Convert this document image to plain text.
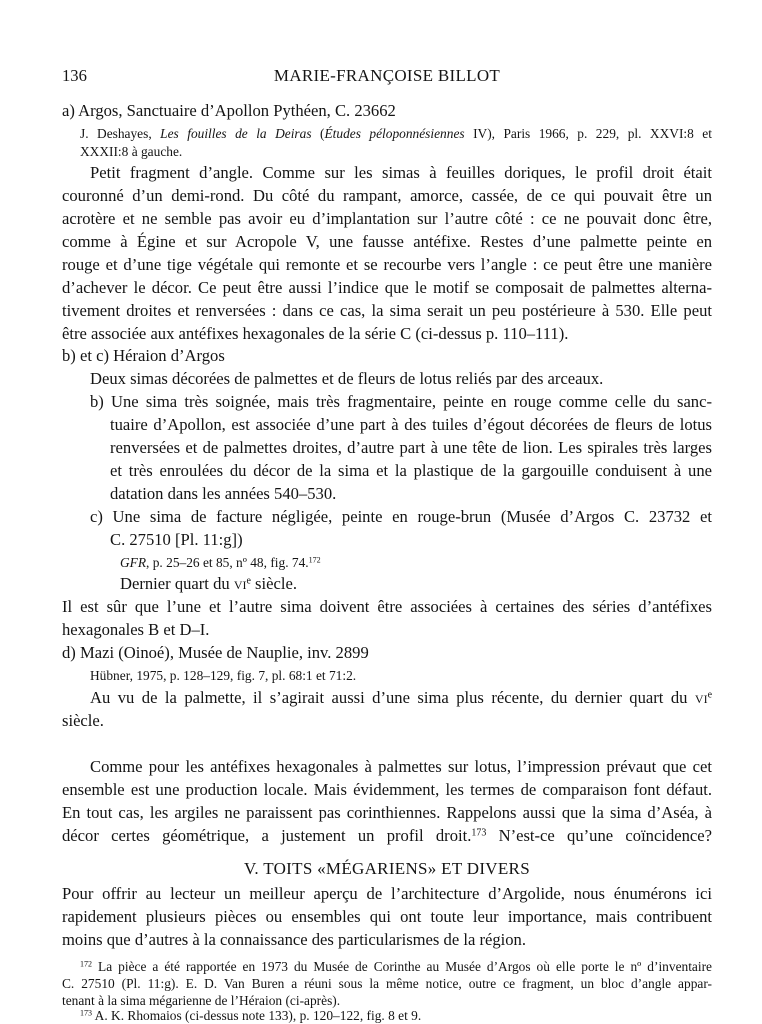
136	MARIE-FRANÇOISE BILLOT
a) Argos, Sanctuaire d’Apollon Pythéen, C. 23662
J. Deshayes, Les fouilles de la Deiras (Études péloponnésiennes IV), Paris 1966, p. 229, pl. XXVI:8 et
XXXII:8 à gauche.
Petit fragment d’angle. Comme sur les simas à feuilles doriques, le profil droit était
couronné d’un demi-rond. Du côté du rampant, amorce, cassée, de ce qui pouvait être un
acrotère et ne semble pas avoir eu d’implantation sur l’autre côté : ce ne pouvait donc être,
comme à Égine et sur Acropole V, une fausse antéfixe. Restes d’une palmette peinte en
rouge et d’une tige végétale qui remonte et se recourbe vers l’angle : ce peut être une manière
d’achever le décor. Ce peut être aussi l’indice que le motif se composait de palmettes alterna-
tivement droites et renversées : dans ce cas, la sima serait un peu postérieure à 530. Elle peut
être associée aux antéfixes hexagonales de la série C (ci-dessus p. 110–111).
b) et c) Héraion d’Argos
Deux simas décorées de palmettes et de fleurs de lotus reliés par des arceaux.
b) Une sima très soignée, mais très fragmentaire, peinte en rouge comme celle du sanc-
tuaire d’Apollon, est associée d’une part à des tuiles d’égout décorées de fleurs de lotus
renversées et de palmettes droites, d’autre part à une tête de lion. Les spirales très larges
et très enroulées du décor de la sima et la plastique de la gargouille conduisent à une
datation dans les années 540–530.
c) Une sima de facture négligée, peinte en rouge-brun (Musée d’Argos C. 23732 et
C. 27510 [Pl. 11:g])
GFR, p. 25–26 et 85, nº 48, fig. 74.$^{172}$
Dernier quart du $vi^e$ siècle.
Il est sûr que l’une et l’autre sima doivent être associées à certaines des séries d’antéfixes
hexagonales B et D–I.
d) Mazi (Oinoé), Musée de Nauplie, inv. 2899
Hübner, 1975, p. 128–129, fig. 7, pl. 68:1 et 71:2.
Au vu de la palmette, il s’agirait aussi d’une sima plus récente, du dernier quart du $vi^e$
siècle.
Comme pour les antéfixes hexagonales à palmettes sur lotus, l’impression prévaut que cet
ensemble est une production locale. Mais évidemment, les termes de comparaison font défaut.
En tout cas, les argiles ne paraissent pas corinthiennes. Rappelons aussi que la sima d’Aséa, à
décor certes géométrique, a justement un profil droit.$^{173}$ N’est-ce qu’une coïncidence?
V. TOITS «MÉGARIENS» ET DIVERS
Pour offrir au lecteur un meilleur aperçu de l’architecture d’Argolide, nous énumérons ici
rapidement plusieurs pièces ou ensembles qui ont toute leur importance, mais contribuent
moins que d’autres à la connaissance des particularismes de la région.
$^{172}$ La pièce a été rapportée en 1973 du Musée de Corinthe au Musée d’Argos où elle porte le nº d’inventaire
C. 27510 (Pl. 11:g). E. D. Van Buren a réuni sous la même notice, outre ce fragment, un bloc d’angle appar-
tenant à la sima mégarienne de l’Héraion (ci-après).
$^{173}$ A. K. Rhomaios (ci-dessus note 133), p. 120–122, fig. 8 et 9.
